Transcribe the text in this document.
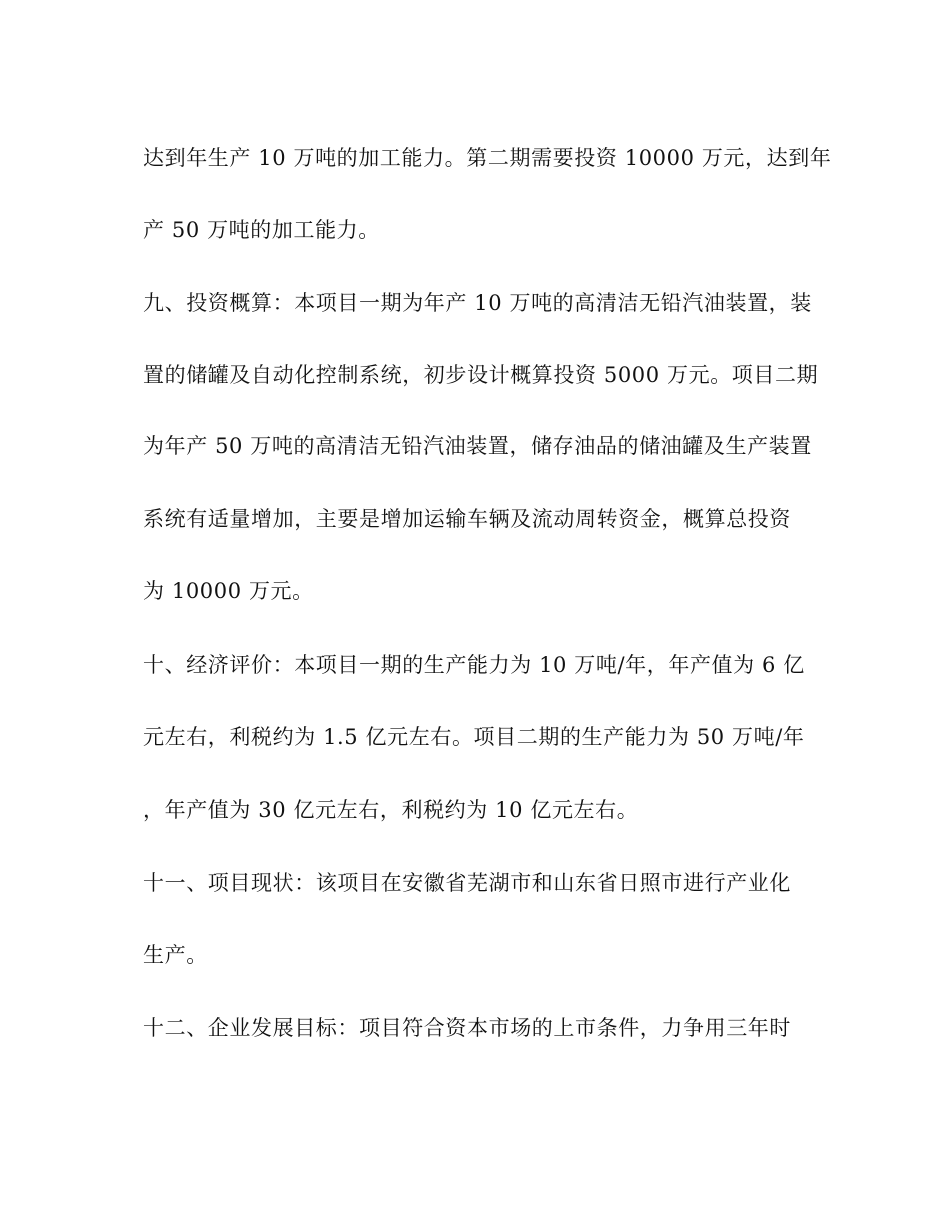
达到年生产 10 万吨的加工能力。第二期需要投资 10000 万元，达到年
产 50 万吨的加工能力。
九、投资概算：本项目一期为年产 10 万吨的高清洁无铅汽油装置，装
置的储罐及自动化控制系统，初步设计概算投资 5000 万元。项目二期
为年产 50 万吨的高清洁无铅汽油装置，储存油品的储油罐及生产装置
系统有适量增加，主要是增加运输车辆及流动周转资金，概算总投资
为 10000 万元。
十、经济评价：本项目一期的生产能力为 10 万吨/年，年产值为 6 亿
元左右，利税约为 1.5 亿元左右。项目二期的生产能力为 50 万吨/年
，年产值为 30 亿元左右，利税约为 10 亿元左右。
十一、项目现状：该项目在安徽省芜湖市和山东省日照市进行产业化
生产。
十二、企业发展目标：项目符合资本市场的上市条件，力争用三年时
